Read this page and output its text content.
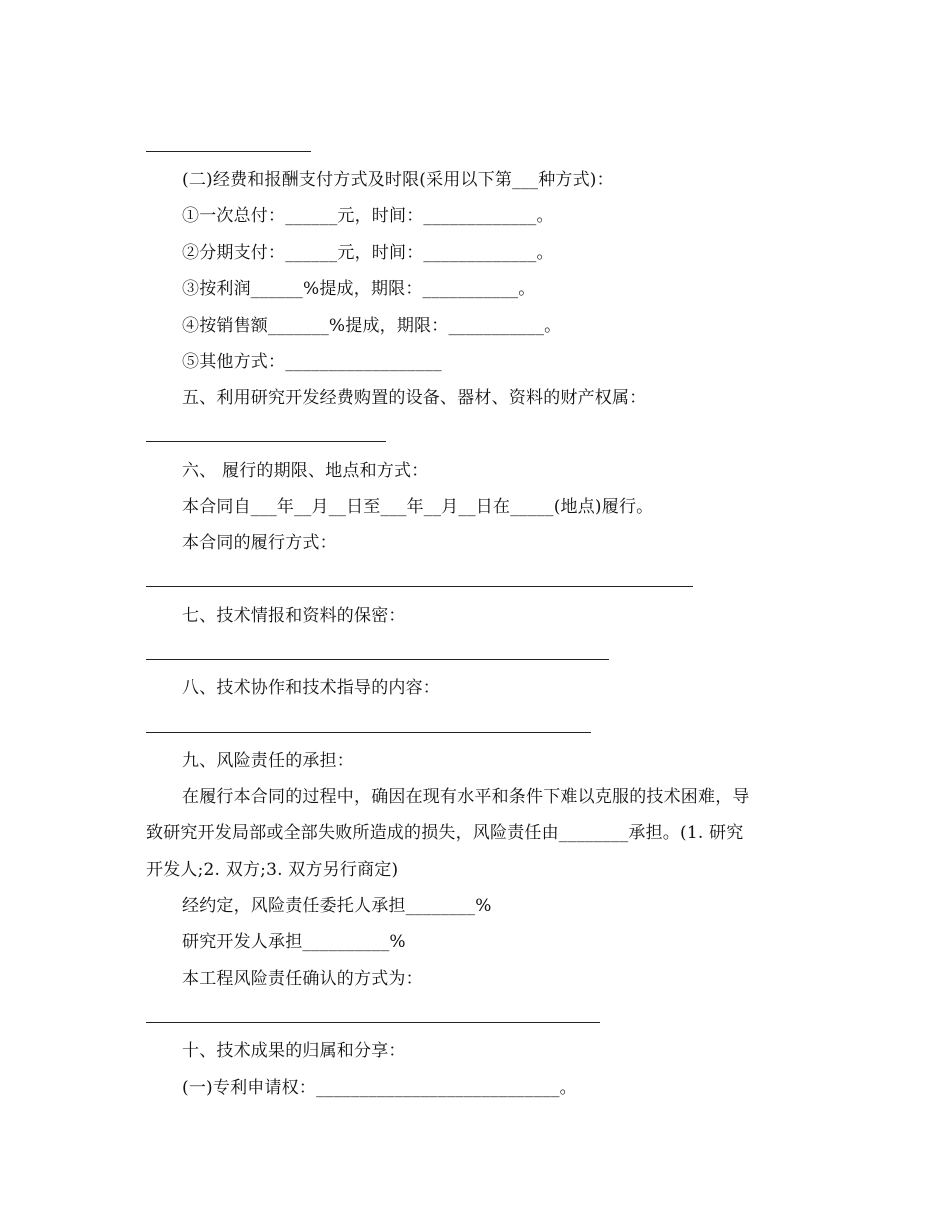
(二)经费和报酬支付方式及时限(采用以下第___种方式)：
①一次总付：______元，时间：_____________。
②分期支付：______元，时间：_____________。
③按利润______%提成，期限：___________。
④按销售额_______%提成，期限：___________。
⑤其他方式：__________________
五、利用研究开发经费购置的设备、器材、资料的财产权属：
六、 履行的期限、地点和方式：
本合同自___年__月__日至___年__月__日在_____(地点)履行。
本合同的履行方式：
七、技术情报和资料的保密：
八、技术协作和技术指导的内容：
九、风险责任的承担：
在履行本合同的过程中，确因在现有水平和条件下难以克服的技术困难，导
致研究开发局部或全部失败所造成的损失，风险责任由________承担。(1. 研究
开发人;2. 双方;3. 双方另行商定)
经约定，风险责任委托人承担________%
研究开发人承担__________%
本工程风险责任确认的方式为：
十、技术成果的归属和分享：
(一)专利申请权：____________________________。
